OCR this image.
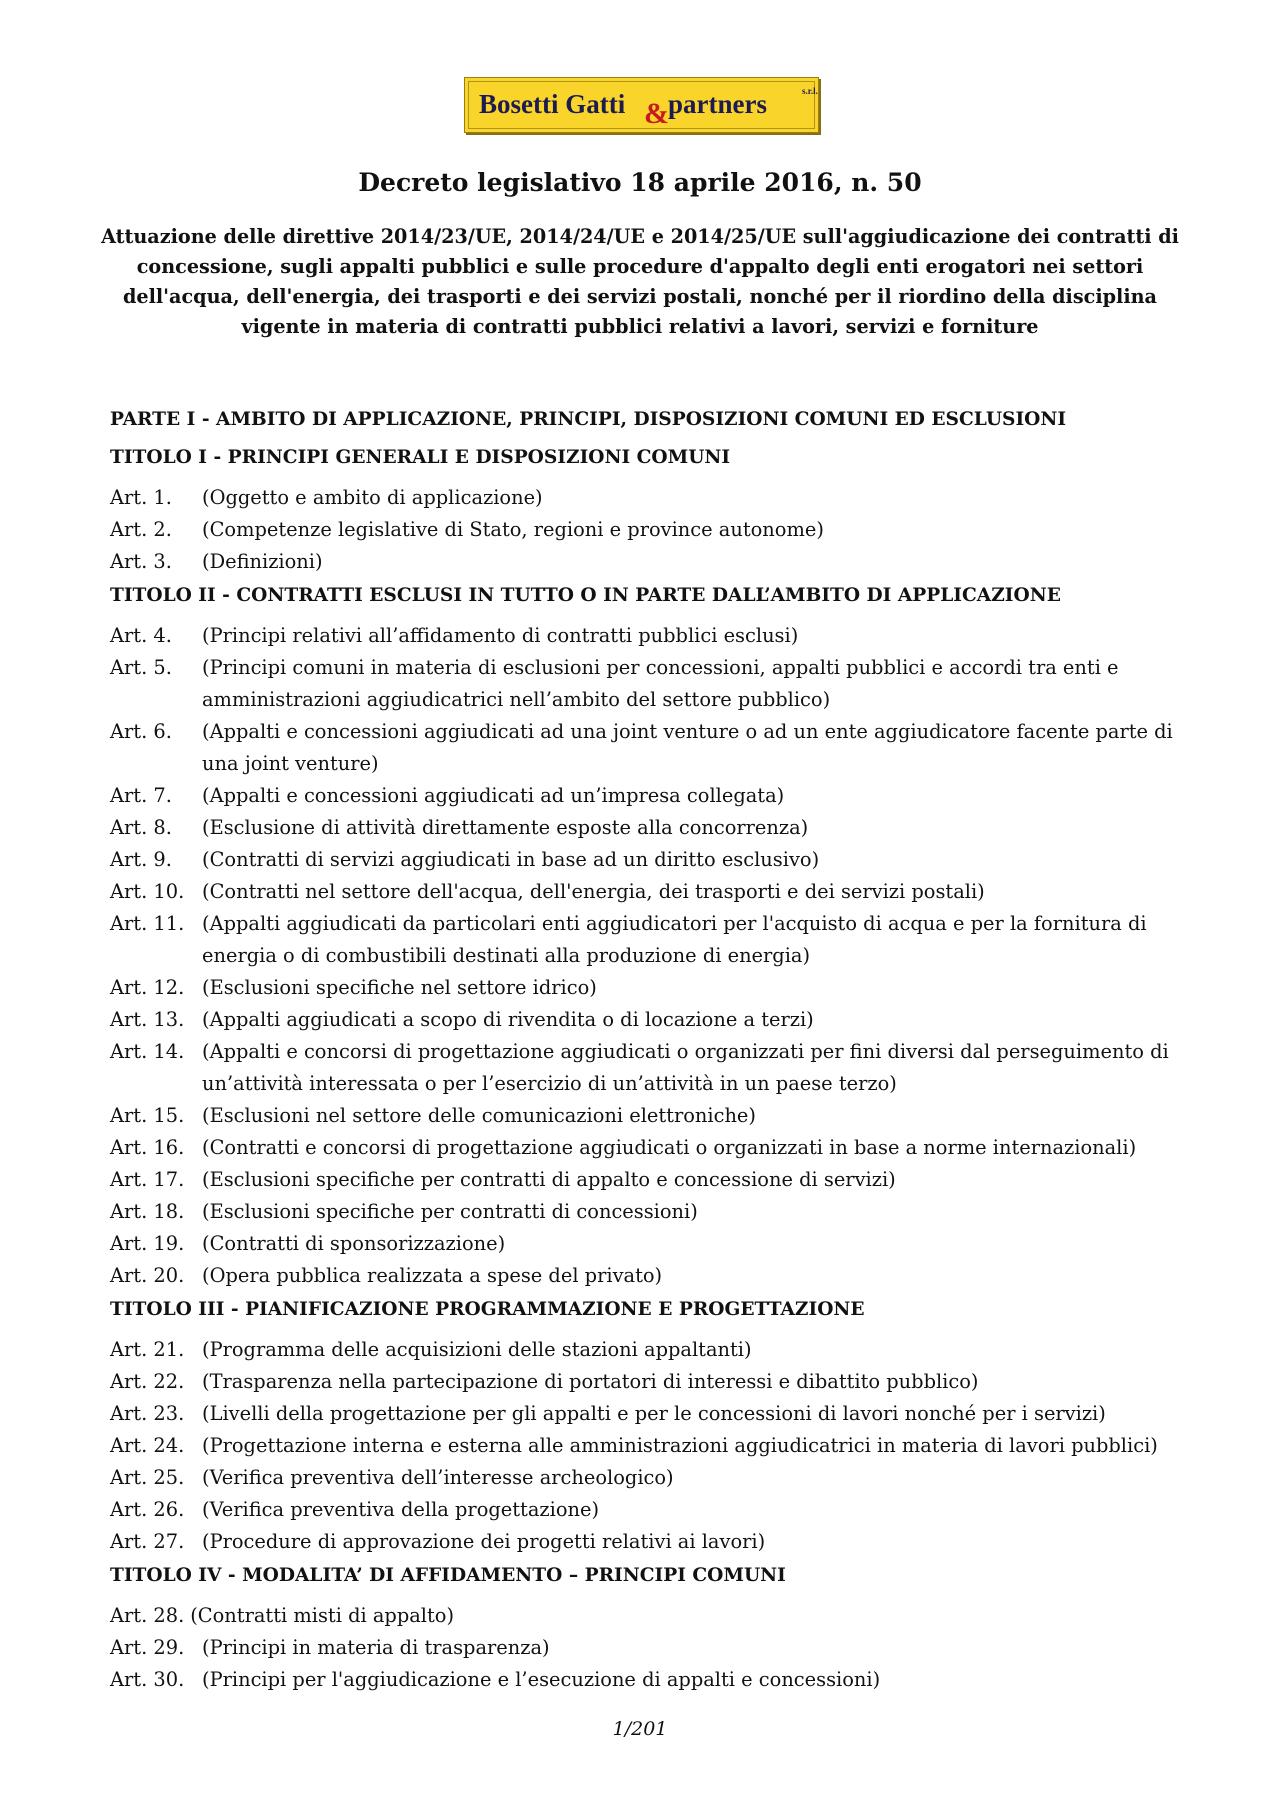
Bosetti Gatti & partners	s.r.l.
Decreto legislativo 18 aprile 2016, n. 50

Attuazione delle direttive 2014/23/UE, 2014/24/UE e 2014/25/UE sull'aggiudicazione dei contratti di concessione, sugli appalti pubblici e sulle procedure d'appalto degli enti erogatori nei settori dell'acqua, dell'energia, dei trasporti e dei servizi postali, nonché per il riordino della disciplina vigente in materia di contratti pubblici relativi a lavori, servizi e forniture

PARTE I - AMBITO DI APPLICAZIONE, PRINCIPI, DISPOSIZIONI COMUNI ED ESCLUSIONI
TITOLO I - PRINCIPI GENERALI E DISPOSIZIONI COMUNI
Art. 1.	(Oggetto e ambito di applicazione)
Art. 2.	(Competenze legislative di Stato, regioni e province autonome)
Art. 3.	(Definizioni)
TITOLO II - CONTRATTI ESCLUSI IN TUTTO O IN PARTE DALL’AMBITO DI APPLICAZIONE
Art. 4.	(Principi relativi all’affidamento di contratti pubblici esclusi)
Art. 5.	(Principi comuni in materia di esclusioni per concessioni, appalti pubblici e accordi tra enti e amministrazioni aggiudicatrici nell’ambito del settore pubblico)
Art. 6.	(Appalti e concessioni aggiudicati ad una joint venture o ad un ente aggiudicatore facente parte di una joint venture)
Art. 7.	(Appalti e concessioni aggiudicati ad un’impresa collegata)
Art. 8.	(Esclusione di attività direttamente esposte alla concorrenza)
Art. 9.	(Contratti di servizi aggiudicati in base ad un diritto esclusivo)
Art. 10. (Contratti nel settore dell'acqua, dell'energia, dei trasporti e dei servizi postali)
Art. 11. (Appalti aggiudicati da particolari enti aggiudicatori per l'acquisto di acqua e per la fornitura di energia o di combustibili destinati alla produzione di energia)
Art. 12. (Esclusioni specifiche nel settore idrico)
Art. 13. (Appalti aggiudicati a scopo di rivendita o di locazione a terzi)
Art. 14. (Appalti e concorsi di progettazione aggiudicati o organizzati per fini diversi dal perseguimento di un’attività interessata o per l’esercizio di un’attività in un paese terzo)
Art. 15. (Esclusioni nel settore delle comunicazioni elettroniche)
Art. 16. (Contratti e concorsi di progettazione aggiudicati o organizzati in base a norme internazionali)
Art. 17. (Esclusioni specifiche per contratti di appalto e concessione di servizi)
Art. 18. (Esclusioni specifiche per contratti di concessioni)
Art. 19. (Contratti di sponsorizzazione)
Art. 20. (Opera pubblica realizzata a spese del privato)
TITOLO III - PIANIFICAZIONE PROGRAMMAZIONE E PROGETTAZIONE
Art. 21. (Programma delle acquisizioni delle stazioni appaltanti)
Art. 22. (Trasparenza nella partecipazione di portatori di interessi e dibattito pubblico)
Art. 23. (Livelli della progettazione per gli appalti e per le concessioni di lavori nonché per i servizi)
Art. 24. (Progettazione interna e esterna alle amministrazioni aggiudicatrici in materia di lavori pubblici)
Art. 25. (Verifica preventiva dell’interesse archeologico)
Art. 26. (Verifica preventiva della progettazione)
Art. 27. (Procedure di approvazione dei progetti relativi ai lavori)
TITOLO IV - MODALITA’ DI AFFIDAMENTO – PRINCIPI COMUNI
Art. 28. (Contratti misti di appalto)
Art. 29. (Principi in materia di trasparenza)
Art. 30. (Principi per l'aggiudicazione e l’esecuzione di appalti e concessioni)
1/201
